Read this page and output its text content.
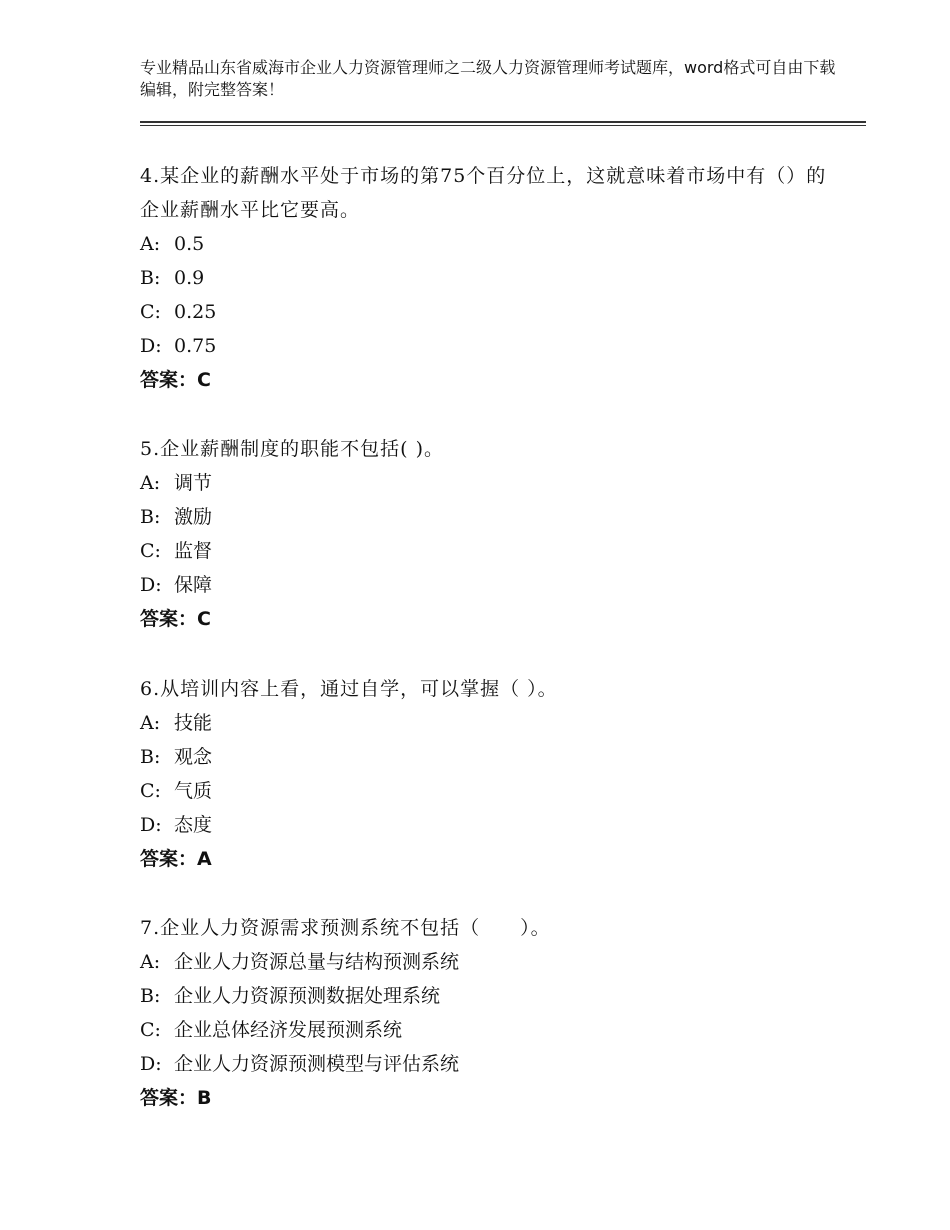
专业精品山东省威海市企业人力资源管理师之二级人力资源管理师考试题库，word格式可自由下载编辑，附完整答案！
4.某企业的薪酬水平处于市场的第75个百分位上，这就意味着市场中有（）的企业薪酬水平比它要高。
A: 0.5
B: 0.9
C: 0.25
D: 0.75
答案：C
5.企业薪酬制度的职能不包括( )。
A: 调节
B: 激励
C: 监督
D: 保障
答案：C
6.从培训内容上看，通过自学，可以掌握（ ）。
A: 技能
B: 观念
C: 气质
D: 态度
答案：A
7.企业人力资源需求预测系统不包括（　　）。
A: 企业人力资源总量与结构预测系统
B: 企业人力资源预测数据处理系统
C: 企业总体经济发展预测系统
D: 企业人力资源预测模型与评估系统
答案：B
